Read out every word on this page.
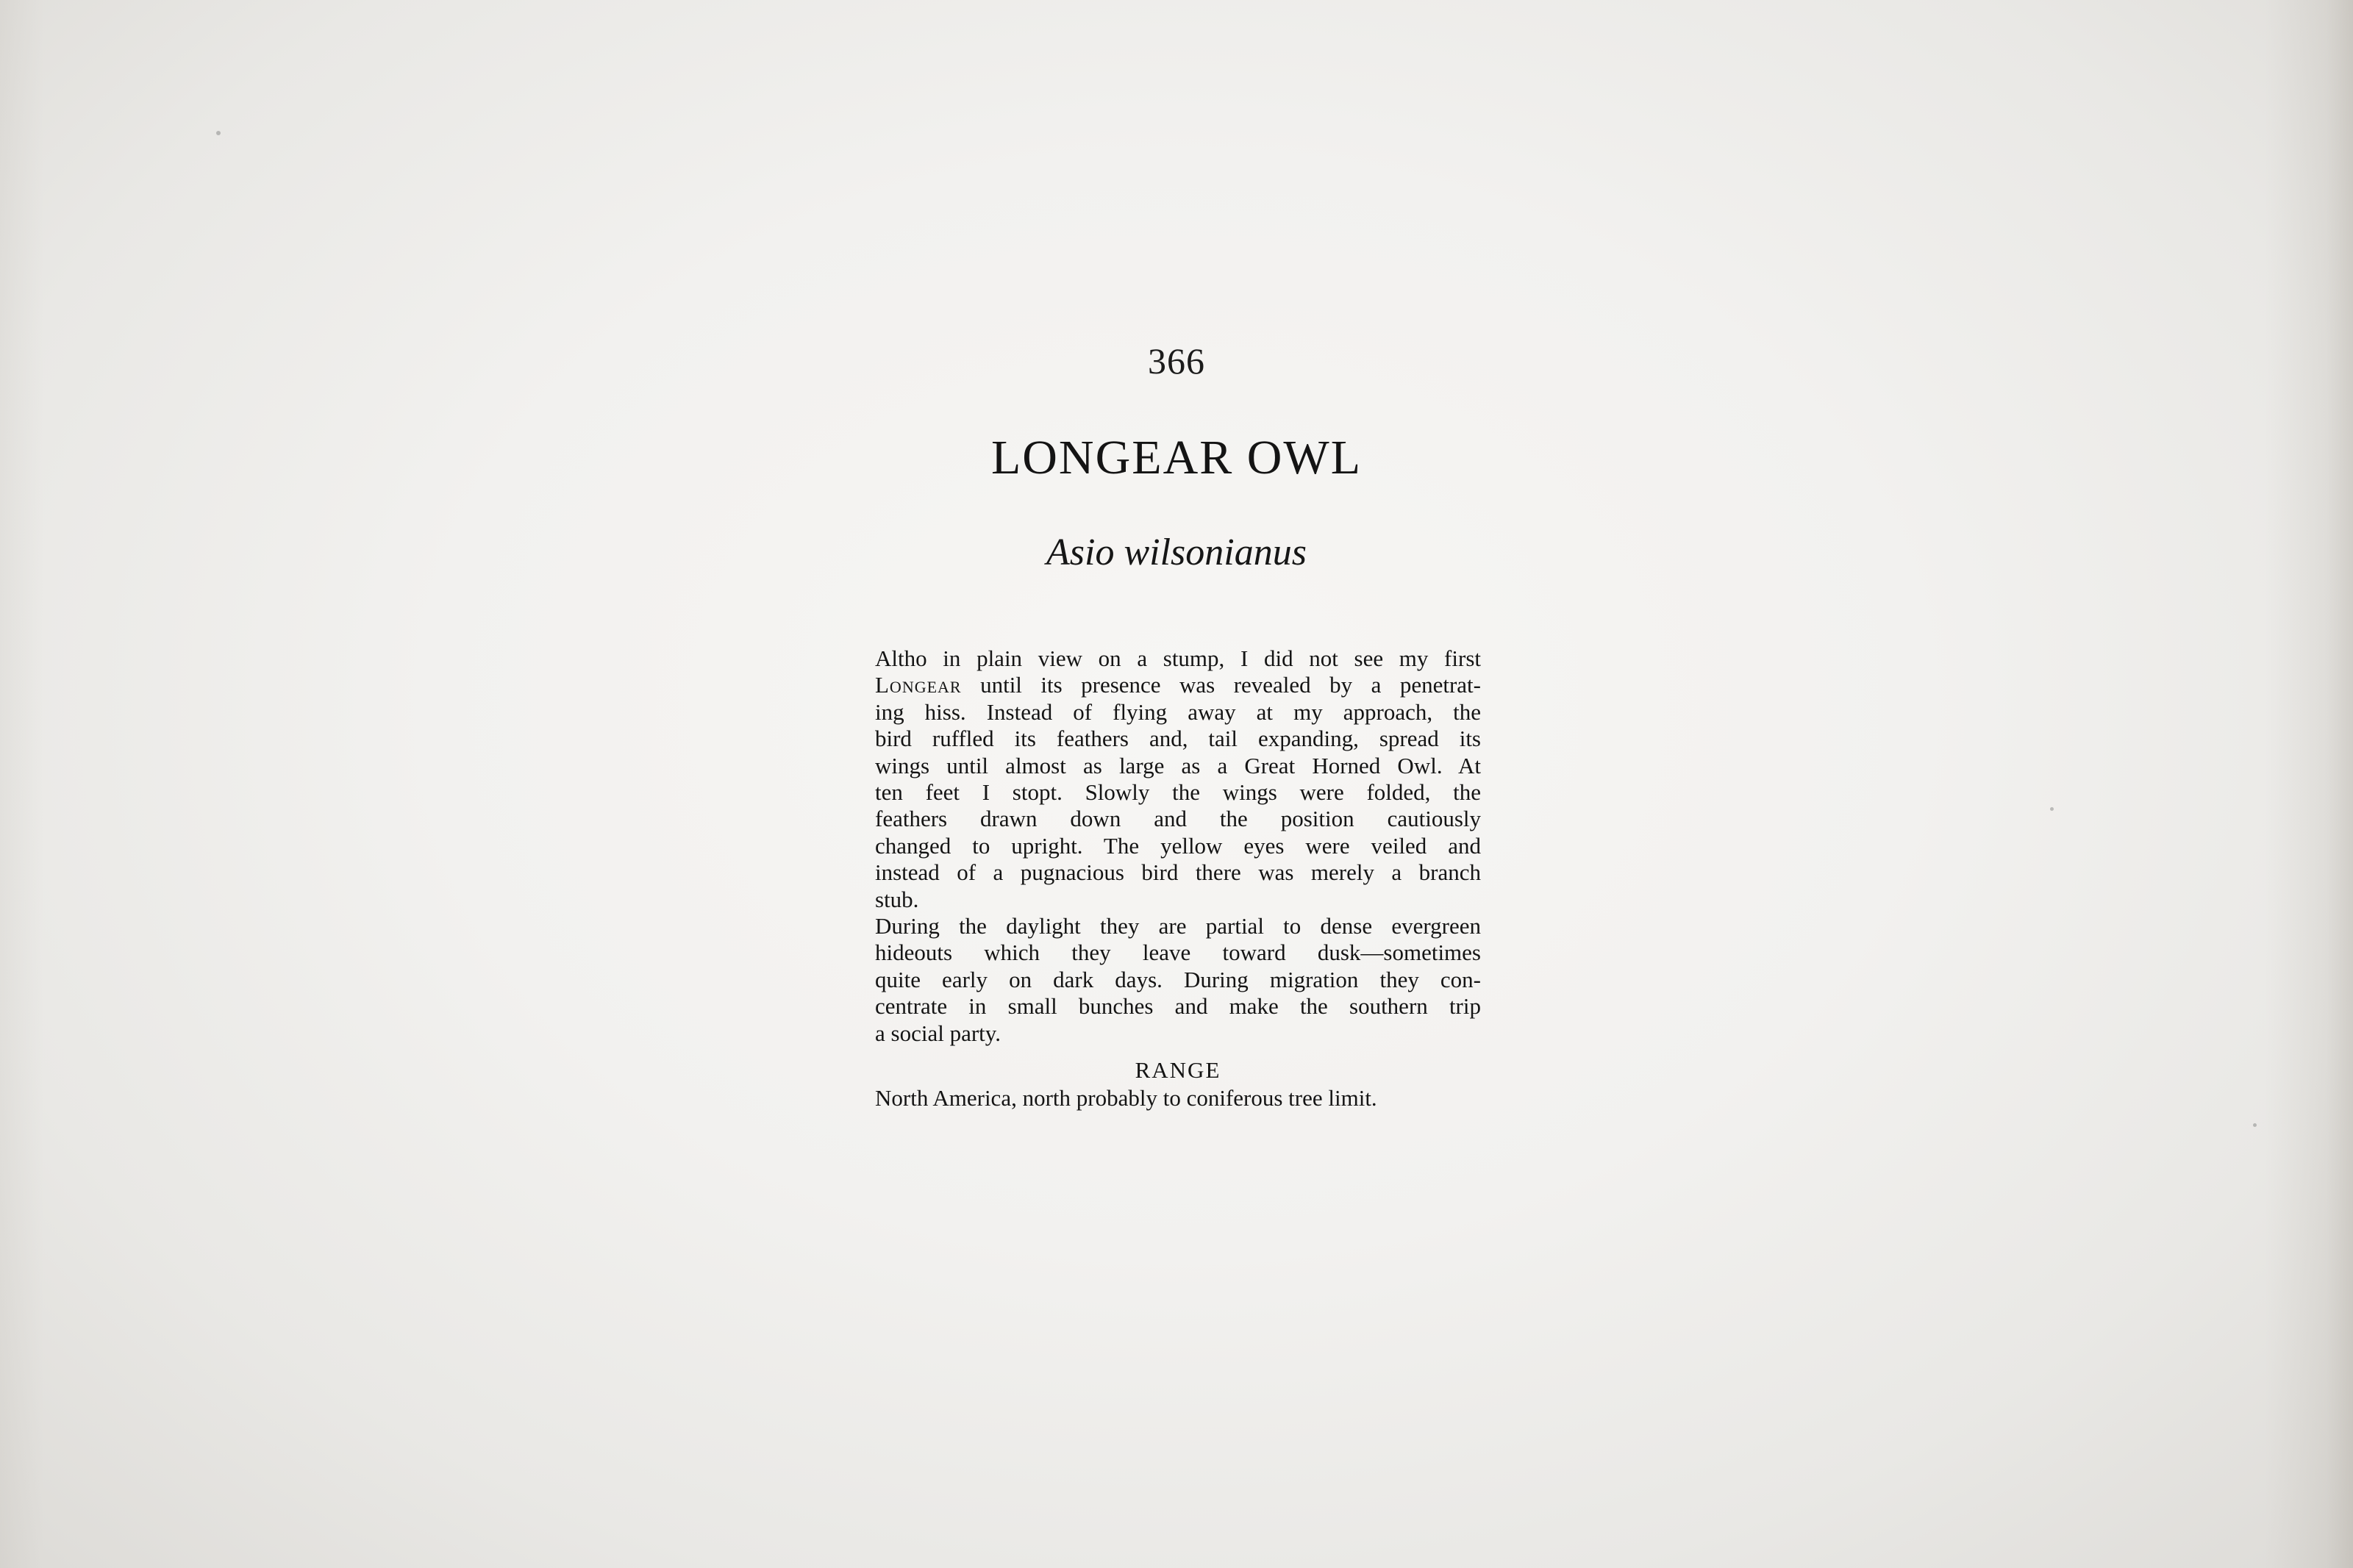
366
LONGEAR OWL
Asio wilsonianus
Altho in plain view on a stump, I did not see my first
Longear until its presence was revealed by a penetrat-
ing hiss. Instead of flying away at my approach, the
bird ruffled its feathers and, tail expanding, spread its
wings until almost as large as a Great Horned Owl. At
ten feet I stopt. Slowly the wings were folded, the
feathers drawn down and the position cautiously
changed to upright. The yellow eyes were veiled and
instead of a pugnacious bird there was merely a branch
stub.
During the daylight they are partial to dense evergreen
hideouts which they leave toward dusk—sometimes
quite early on dark days. During migration they con-
centrate in small bunches and make the southern trip
a social party.
RANGE
North America, north probably to coniferous tree limit.
